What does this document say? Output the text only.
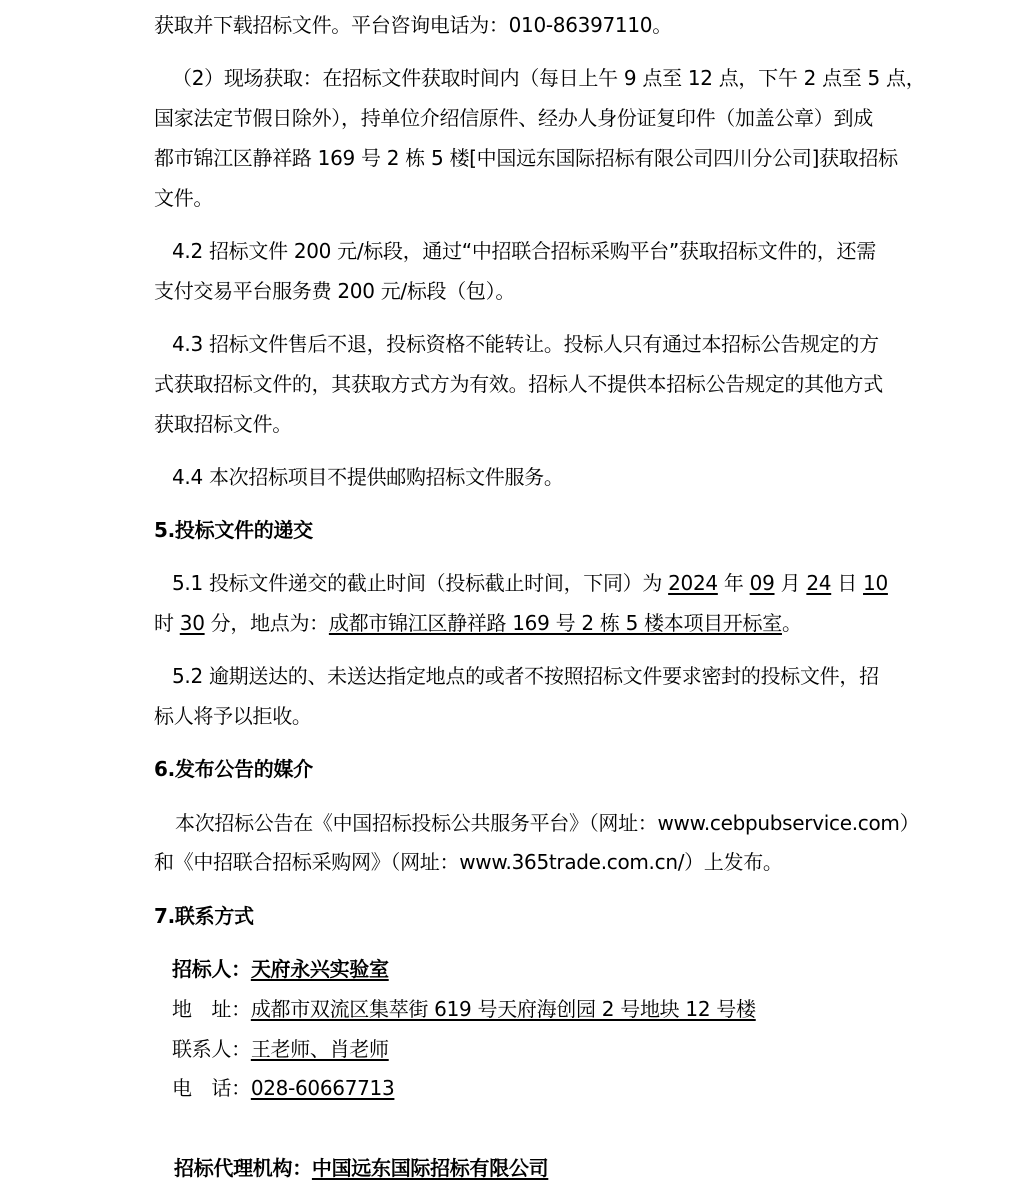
获取并下载招标文件。平台咨询电话为：010-86397110。
（2）现场获取：在招标文件获取时间内（每日上午 9 点至 12 点，下午 2 点至 5 点，
国家法定节假日除外），持单位介绍信原件、经办人身份证复印件（加盖公章）到成
都市锦江区静祥路 169 号 2 栋 5 楼[中国远东国际招标有限公司四川分公司]获取招标
文件。
4.2 招标文件 200 元/标段，通过“中招联合招标采购平台”获取招标文件的，还需
支付交易平台服务费 200 元/标段（包）。
4.3 招标文件售后不退，投标资格不能转让。投标人只有通过本招标公告规定的方
式获取招标文件的，其获取方式方为有效。招标人不提供本招标公告规定的其他方式
获取招标文件。
4.4 本次招标项目不提供邮购招标文件服务。
5.投标文件的递交
5.1 投标文件递交的截止时间（投标截止时间，下同）为 2024 年 09 月 24 日 10
时 30 分，地点为：成都市锦江区静祥路 169 号 2 栋 5 楼本项目开标室。
5.2 逾期送达的、未送达指定地点的或者不按照招标文件要求密封的投标文件，招
标人将予以拒收。
6.发布公告的媒介
本次招标公告在《中国招标投标公共服务平台》（网址：www.cebpubservice.com）
和《中招联合招标采购网》（网址：www.365trade.com.cn/）上发布。
7.联系方式
招标人：天府永兴实验室
地　址：成都市双流区集萃街 619 号天府海创园 2 号地块 12 号楼
联系人：王老师、肖老师
电　话：028-60667713
招标代理机构：中国远东国际招标有限公司
